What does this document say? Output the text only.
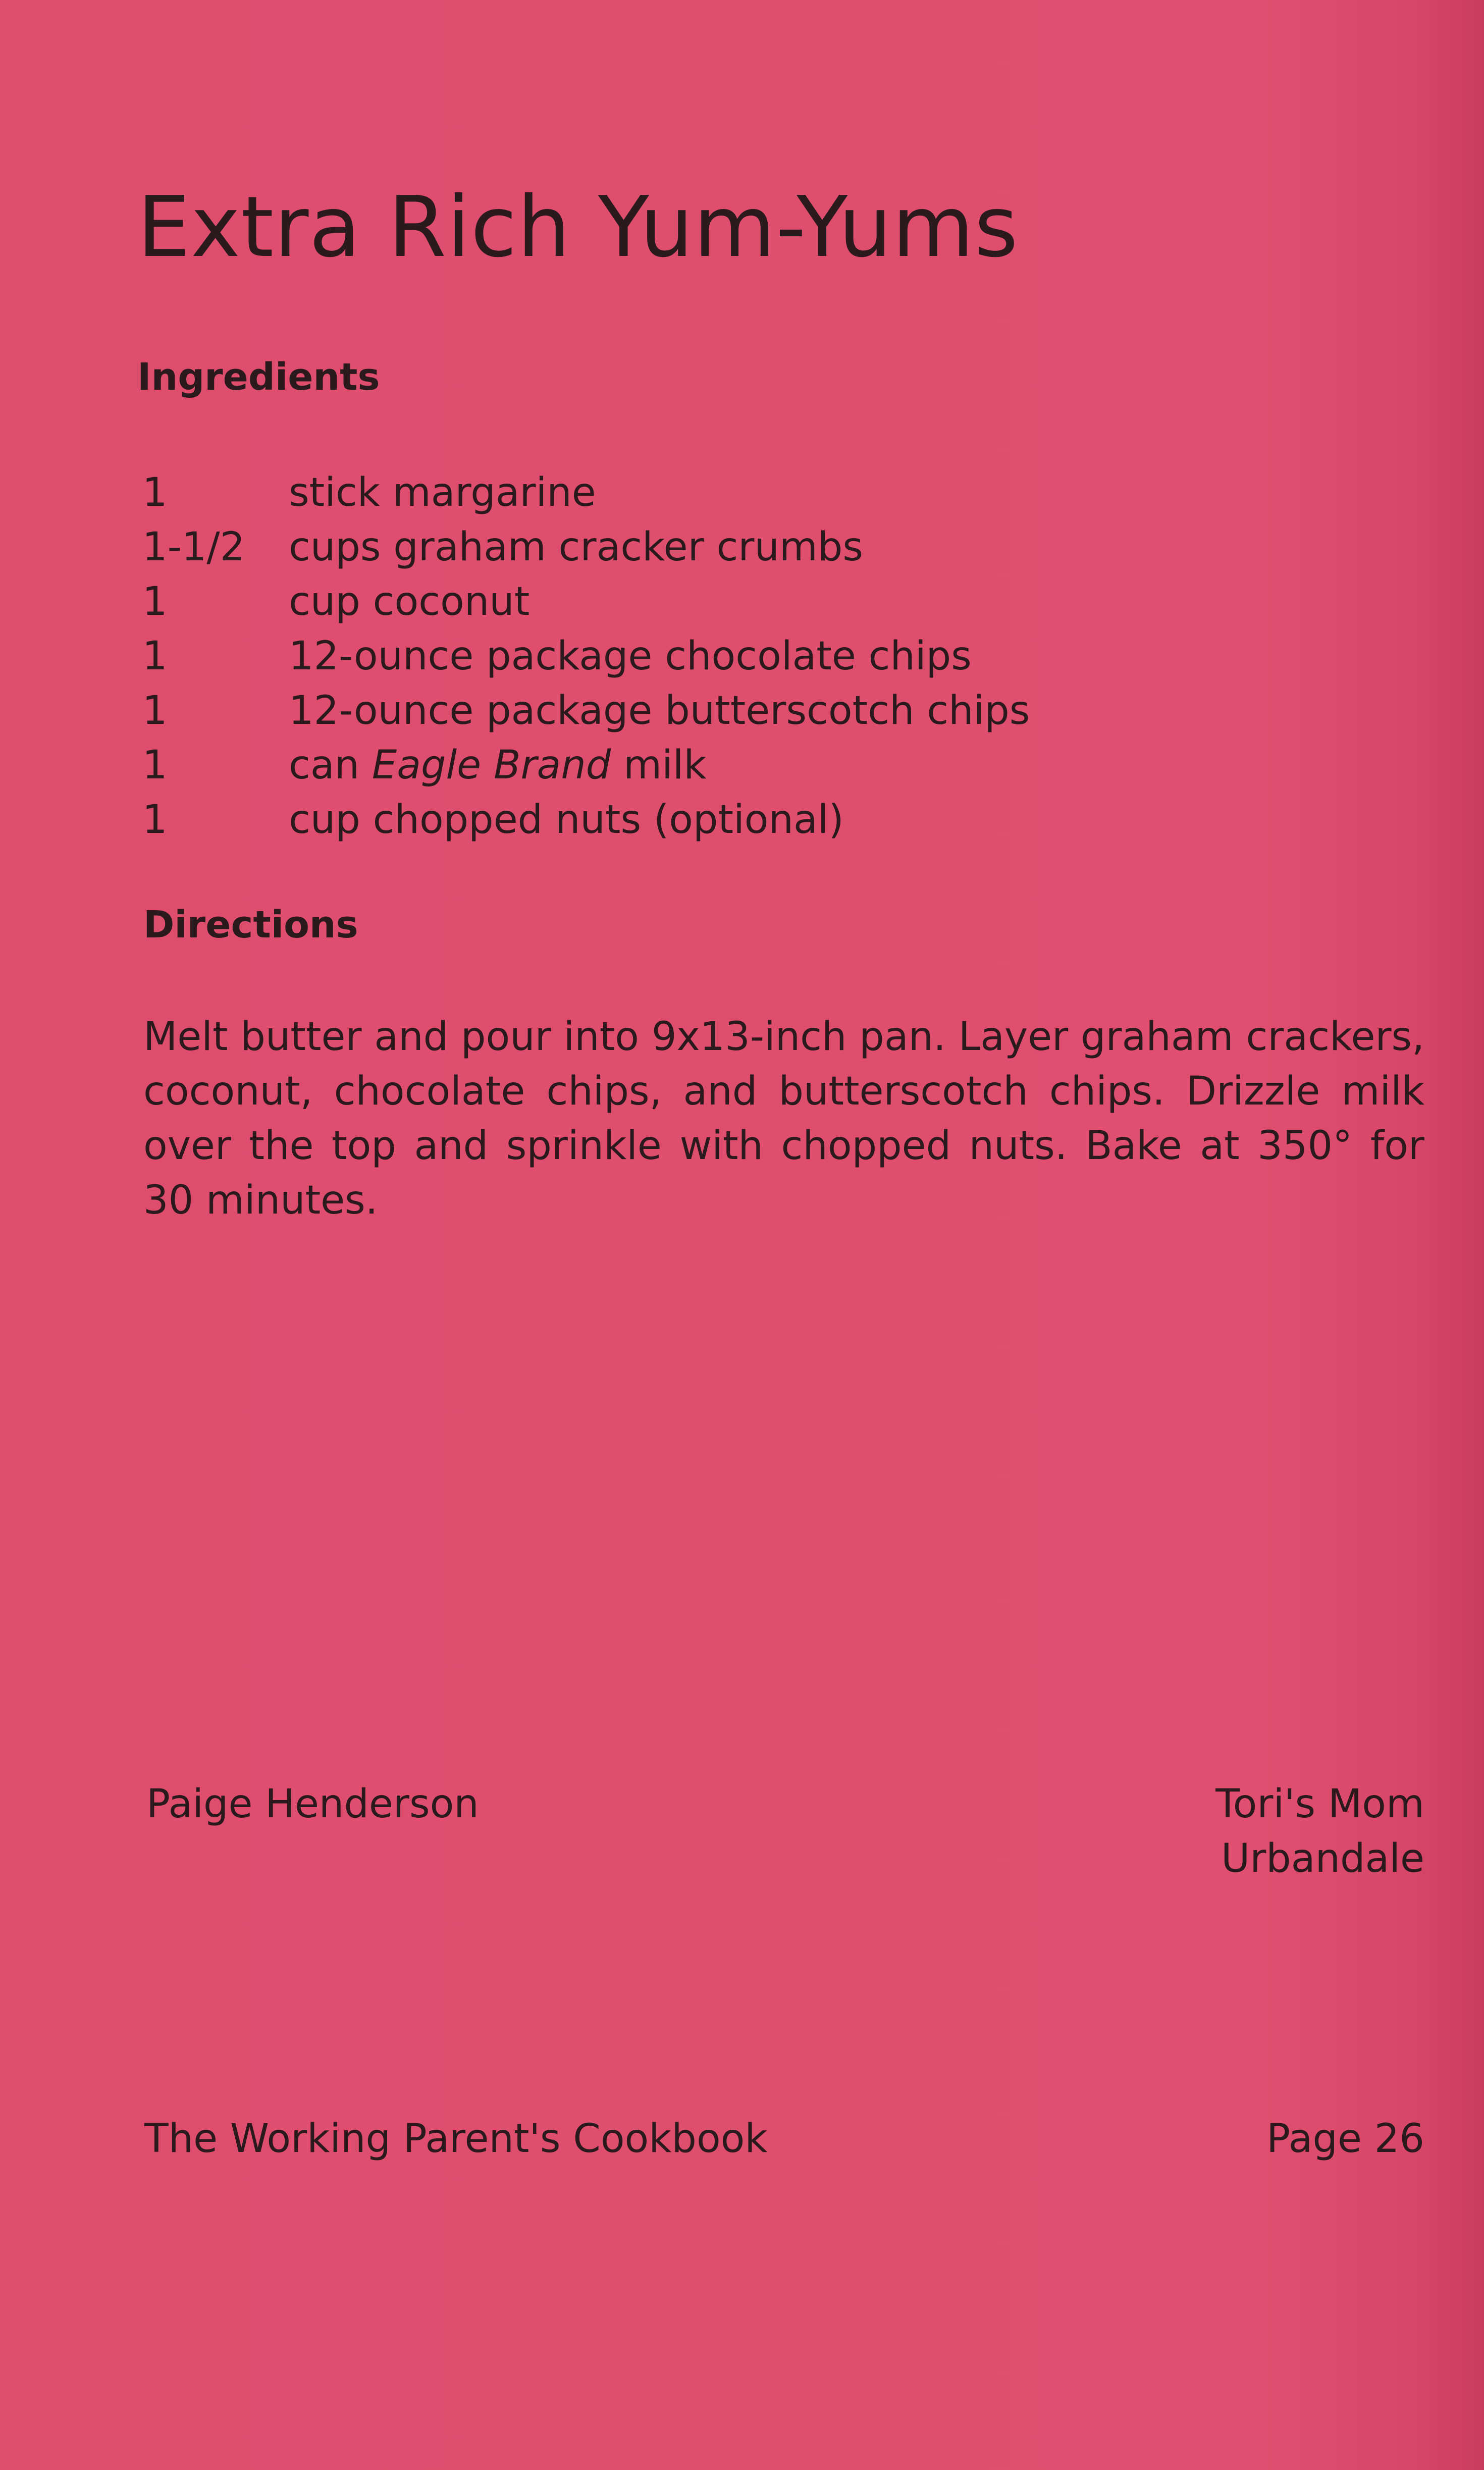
Extra Rich Yum-Yums
Ingredients
1	stick margarine
1-1/2	cups graham cracker crumbs
1	cup coconut
1	12-ounce package chocolate chips
1	12-ounce package butterscotch chips
1	can Eagle Brand milk
1	cup chopped nuts (optional)
Directions

Melt butter and pour into 9x13-inch pan. Layer graham crackers, coconut, chocolate chips, and butterscotch chips. Drizzle milk over the top and sprinkle with chopped nuts. Bake at 350° for 30 minutes.

Paige Henderson	Tori's Mom
Urbandale

The Working Parent's Cookbook	Page 26
